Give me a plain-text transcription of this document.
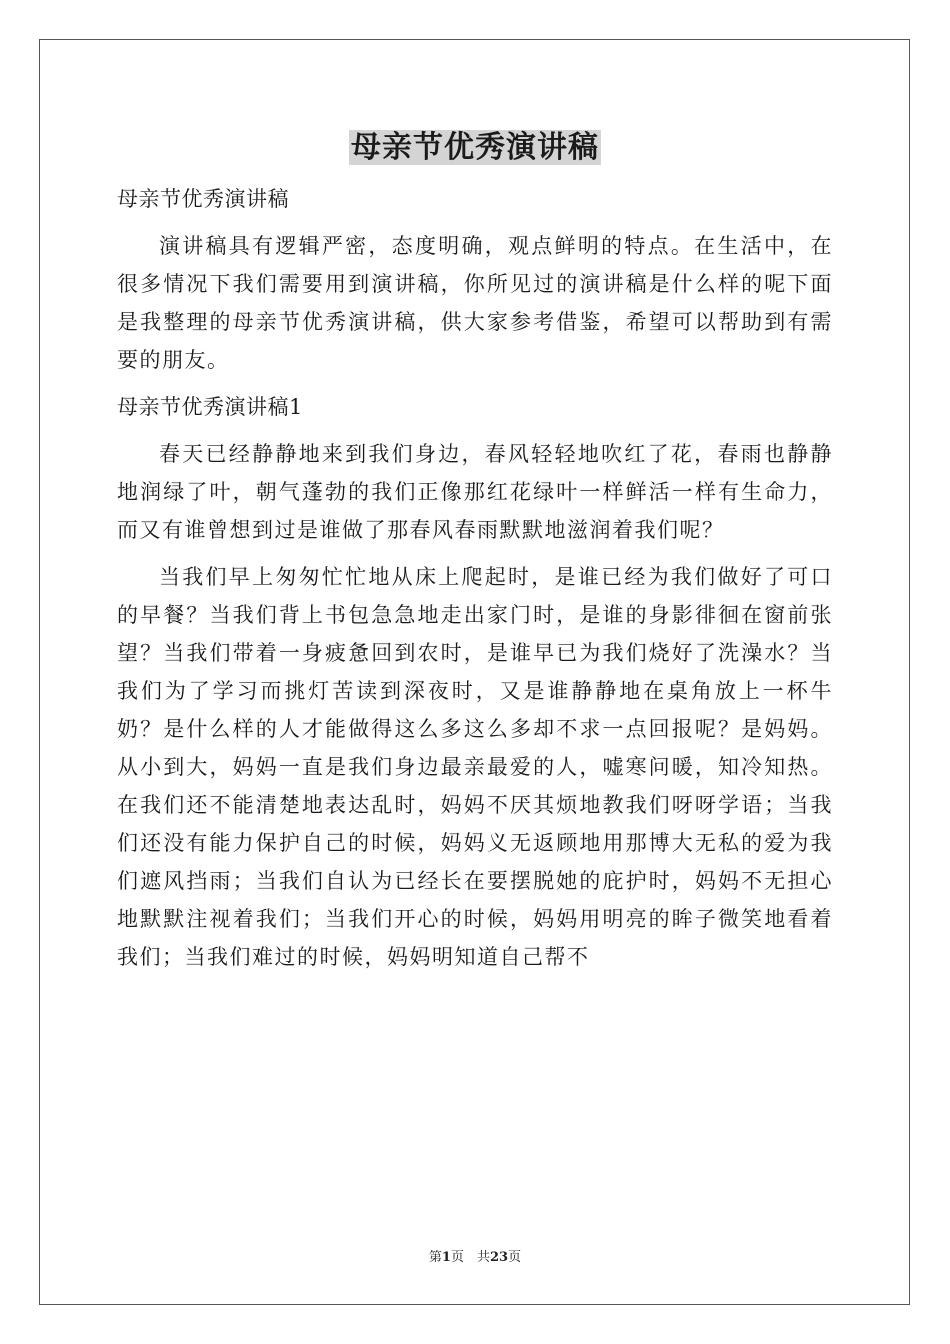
母亲节优秀演讲稿

母亲节优秀演讲稿

演讲稿具有逻辑严密，态度明确，观点鲜明的特点。在生活中，在很多情况下我们需要用到演讲稿，你所见过的演讲稿是什么样的呢下面是我整理的母亲节优秀演讲稿，供大家参考借鉴，希望可以帮助到有需要的朋友。

母亲节优秀演讲稿1

春天已经静静地来到我们身边，春风轻轻地吹红了花，春雨也静静地润绿了叶，朝气蓬勃的我们正像那红花绿叶一样鲜活一样有生命力，而又有谁曾想到过是谁做了那春风春雨默默地滋润着我们呢？

当我们早上匆匆忙忙地从床上爬起时，是谁已经为我们做好了可口的早餐？当我们背上书包急急地走出家门时，是谁的身影徘徊在窗前张望？当我们带着一身疲惫回到农时，是谁早已为我们烧好了洗澡水？当我们为了学习而挑灯苦读到深夜时，又是谁静静地在桌角放上一杯牛奶？是什么样的人才能做得这么多这么多却不求一点回报呢？是妈妈。从小到大，妈妈一直是我们身边最亲最爱的人，嘘寒问暖，知冷知热。在我们还不能清楚地表达乱时，妈妈不厌其烦地教我们呀呀学语；当我们还没有能力保护自己的时候，妈妈义无返顾地用那博大无私的爱为我们遮风挡雨；当我们自认为已经长在要摆脱她的庇护时，妈妈不无担心地默默注视着我们；当我们开心的时候，妈妈用明亮的眸子微笑地看着我们；当我们难过的时候，妈妈明知道自己帮不

第1页　共23页
